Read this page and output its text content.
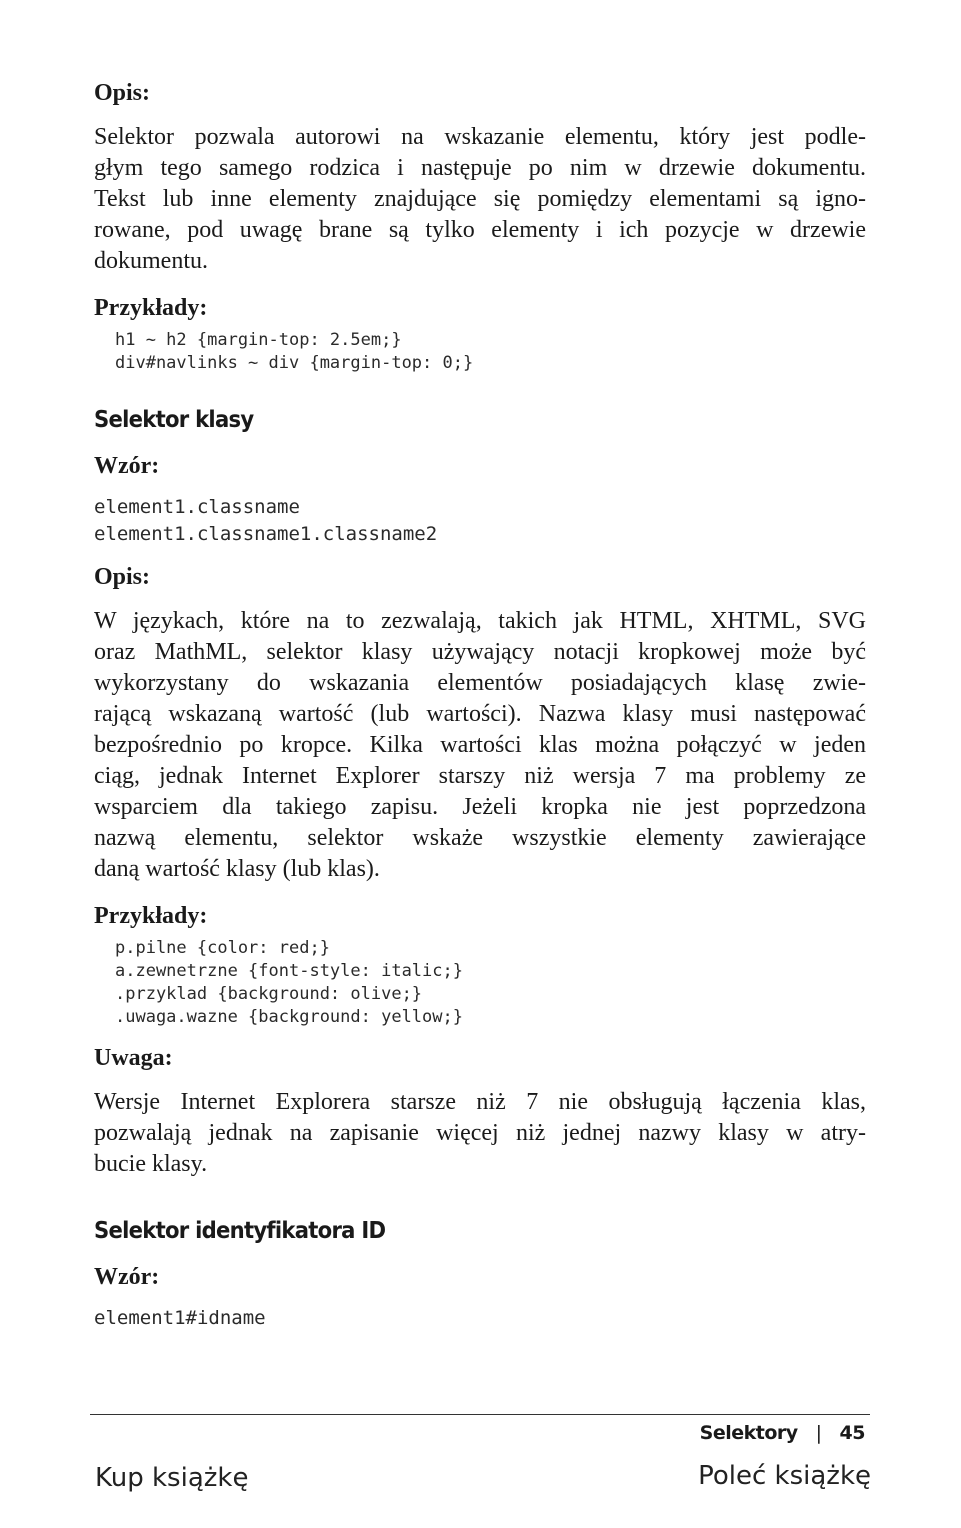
Opis:

Selektor pozwala autorowi na wskazanie elementu, który jest podle-
głym tego samego rodzica i następuje po nim w drzewie dokumentu.
Tekst lub inne elementy znajdujące się pomiędzy elementami są igno-
rowane, pod uwagę brane są tylko elementy i ich pozycje w drzewie
dokumentu.

Przykłady:

h1 ~ h2 {margin-top: 2.5em;}
div#navlinks ~ div {margin-top: 0;}
Selektor klasy

Wzór:

element1.classname
element1.classname1.classname2

Opis:

W językach, które na to zezwalają, takich jak HTML, XHTML, SVG
oraz MathML, selektor klasy używający notacji kropkowej może być
wykorzystany do wskazania elementów posiadających klasę zwie-
rającą wskazaną wartość (lub wartości). Nazwa klasy musi następować
bezpośrednio po kropce. Kilka wartości klas można połączyć w jeden
ciąg, jednak Internet Explorer starszy niż wersja 7 ma problemy ze
wsparciem dla takiego zapisu. Jeżeli kropka nie jest poprzedzona
nazwą elementu, selektor wskaże wszystkie elementy zawierające
daną wartość klasy (lub klas).

Przykłady:

p.pilne {color: red;}
a.zewnetrzne {font-style: italic;}
.przyklad {background: olive;}
.uwaga.wazne {background: yellow;}

Uwaga:

Wersje Internet Explorera starsze niż 7 nie obsługują łączenia klas,
pozwalają jednak na zapisanie więcej niż jednej nazwy klasy w atry-
bucie klasy.
Selektor identyfikatora ID

Wzór:

element1#idname
Selektory | 45
Kup książkę	Poleć książkę
